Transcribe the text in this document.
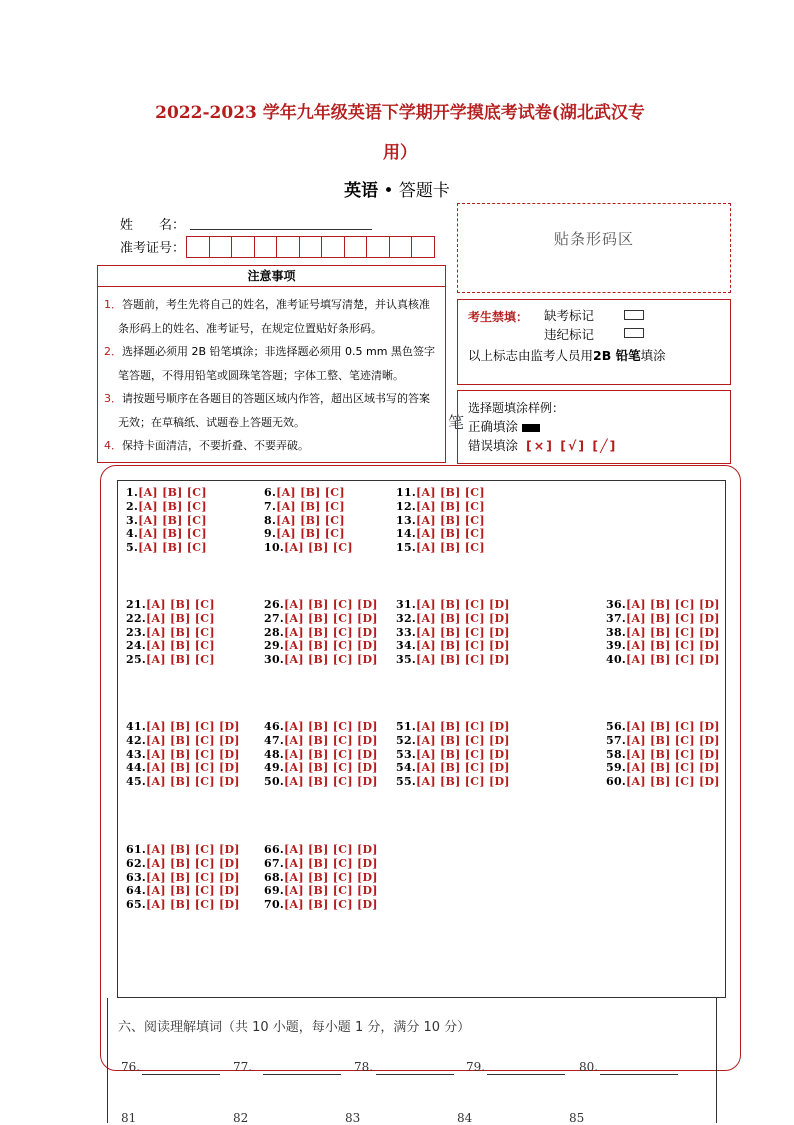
2022-2023 学年九年级英语下学期开学摸底考试卷(湖北武汉专
用）
英语 • 答题卡
姓　　名：
准考证号：
贴条形码区
注意事项
1．答题前，考生先将自己的姓名，准考证号填写清楚，并认真核准条形码上的姓名、准考证号，在规定位置贴好条形码。
2．选择题必须用 2B 铅笔填涂；非选择题必须用 0.5 mm 黑色签字笔答题，不得用铅笔或圆珠笔答题；字体工整、笔迹清晰。
3．请按题号顺序在各题目的答题区域内作答，超出区域书写的答案无效；在草稿纸、试题卷上答题无效。
4．保持卡面清洁，不要折叠、不要弄破。
笔
考生禁填： 缺考标记
违纪标记
以上标志由监考人员用2B 铅笔填涂
选择题填涂样例：
正确填涂
错误填涂 [×] [√] [╱]
1.[A] [B] [C]
2.[A] [B] [C]
3.[A] [B] [C]
4.[A] [B] [C]
5.[A] [B] [C]
6.[A] [B] [C]
7.[A] [B] [C]
8.[A] [B] [C]
9.[A] [B] [C]
10.[A] [B] [C]
11.[A] [B] [C]
12.[A] [B] [C]
13.[A] [B] [C]
14.[A] [B] [C]
15.[A] [B] [C]
21.[A] [B] [C]
22.[A] [B] [C]
23.[A] [B] [C]
24.[A] [B] [C]
25.[A] [B] [C]
26.[A] [B] [C] [D]
27.[A] [B] [C] [D]
28.[A] [B] [C] [D]
29.[A] [B] [C] [D]
30.[A] [B] [C] [D]
31.[A] [B] [C] [D]
32.[A] [B] [C] [D]
33.[A] [B] [C] [D]
34.[A] [B] [C] [D]
35.[A] [B] [C] [D]
36.[A] [B] [C] [D]
37.[A] [B] [C] [D]
38.[A] [B] [C] [D]
39.[A] [B] [C] [D]
40.[A] [B] [C] [D]
41.[A] [B] [C] [D]
42.[A] [B] [C] [D]
43.[A] [B] [C] [D]
44.[A] [B] [C] [D]
45.[A] [B] [C] [D]
46.[A] [B] [C] [D]
47.[A] [B] [C] [D]
48.[A] [B] [C] [D]
49.[A] [B] [C] [D]
50.[A] [B] [C] [D]
51.[A] [B] [C] [D]
52.[A] [B] [C] [D]
53.[A] [B] [C] [D]
54.[A] [B] [C] [D]
55.[A] [B] [C] [D]
56.[A] [B] [C] [D]
57.[A] [B] [C] [D]
58.[A] [B] [C] [D]
59.[A] [B] [C] [D]
60.[A] [B] [C] [D]
61.[A] [B] [C] [D]
62.[A] [B] [C] [D]
63.[A] [B] [C] [D]
64.[A] [B] [C] [D]
65.[A] [B] [C] [D]
66.[A] [B] [C] [D]
67.[A] [B] [C] [D]
68.[A] [B] [C] [D]
69.[A] [B] [C] [D]
70.[A] [B] [C] [D]
六、阅读理解填词（共 10 小题，每小题 1 分，满分 10 分）
76.	77.	78.	79.	80.
81	82	83	84	85
